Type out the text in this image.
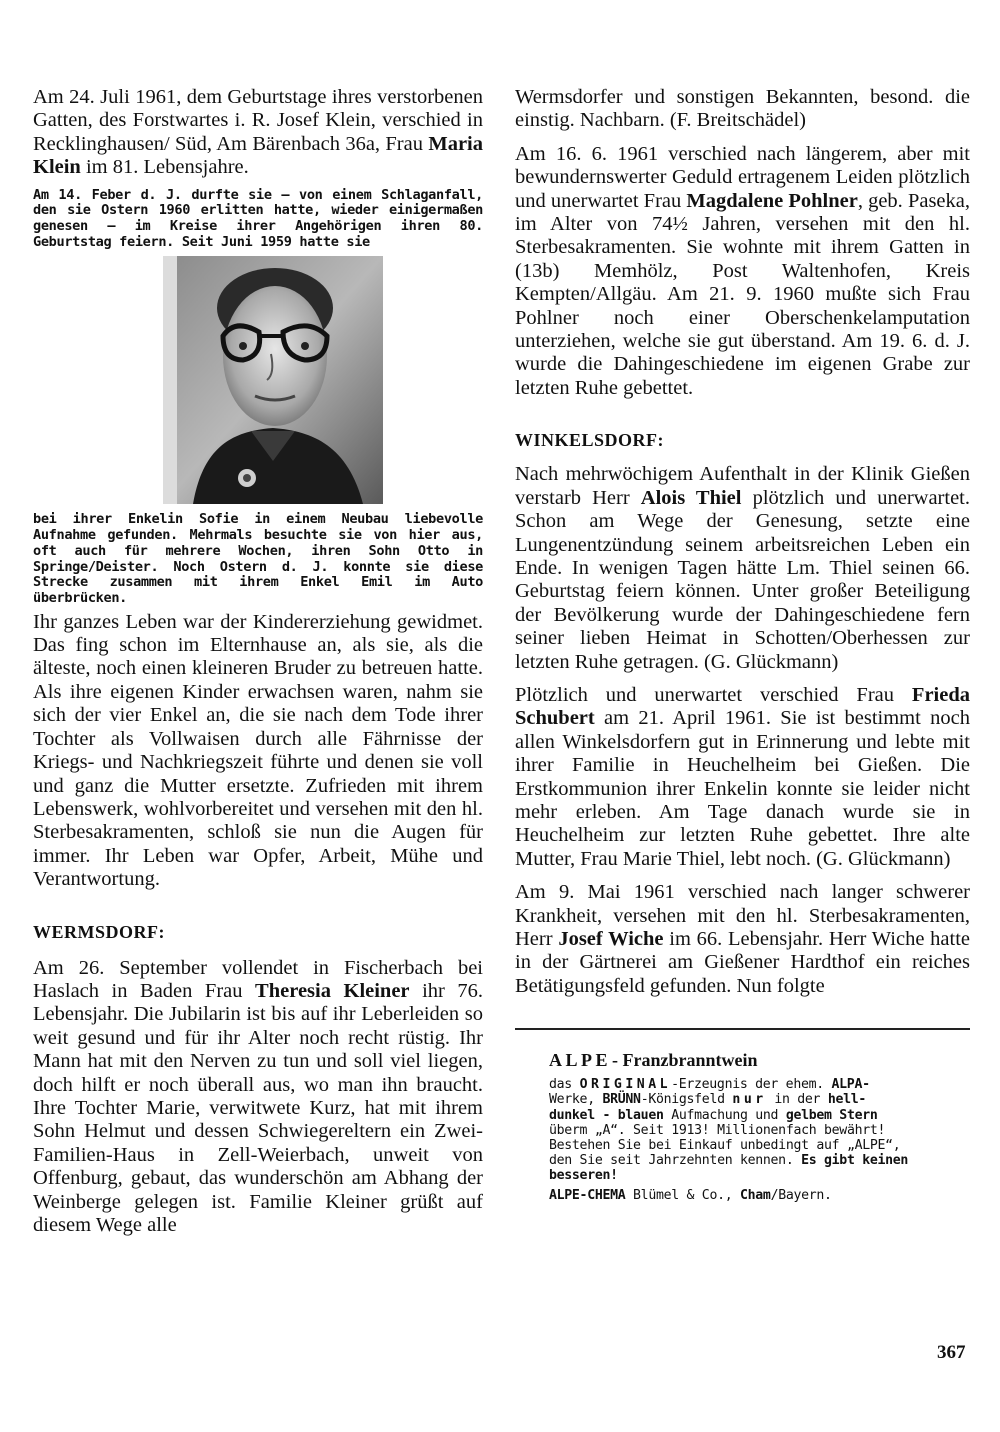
Am 24. Juli 1961, dem Geburtstage ihres verstorbenen Gatten, des Forstwartes i. R. Josef Klein, verschied in Recklinghausen/ Süd, Am Bärenbach 36a, Frau Maria Klein im 81. Lebensjahre.

Am 14. Feber d. J. durfte sie — von einem Schlaganfall, den sie Ostern 1960 erlitten hatte, wieder einigermaßen genesen — im Kreise ihrer Angehörigen ihren 80. Geburtstag feiern. Seit Juni 1959 hatte sie

bei ihrer Enkelin Sofie in einem Neubau liebevolle Aufnahme gefunden. Mehrmals besuchte sie von hier aus, oft auch für mehrere Wochen, ihren Sohn Otto in Springe/Deister. Noch Ostern d. J. konnte sie diese Strecke zusammen mit ihrem Enkel Emil im Auto überbrücken.

Ihr ganzes Leben war der Kindererziehung gewidmet. Das fing schon im Elternhause an, als sie, als die älteste, noch einen kleineren Bruder zu betreuen hatte. Als ihre eigenen Kinder erwachsen waren, nahm sie sich der vier Enkel an, die sie nach dem Tode ihrer Tochter als Vollwaisen durch alle Fährnisse der Kriegs- und Nachkriegszeit führte und denen sie voll und ganz die Mutter ersetzte. Zufrieden mit ihrem Lebenswerk, wohlvorbereitet und versehen mit den hl. Sterbesakramenten, schloß sie nun die Augen für immer. Ihr Leben war Opfer, Arbeit, Mühe und Verantwortung.

WERMSDORF:

Am 26. September vollendet in Fischerbach bei Haslach in Baden Frau Theresia Kleiner ihr 76. Lebensjahr. Die Jubilarin ist bis auf ihr Leberleiden so weit gesund und für ihr Alter noch recht rüstig. Ihr Mann hat mit den Nerven zu tun und soll viel liegen, doch hilft er noch überall aus, wo man ihn braucht. Ihre Tochter Marie, verwitwete Kurz, hat mit ihrem Sohn Helmut und dessen Schwiegereltern ein Zwei-Familien-Haus in Zell-Weierbach, unweit von Offenburg, gebaut, das wunderschön am Abhang der Weinberge gelegen ist. Familie Kleiner grüßt auf diesem Wege alle

Wermsdorfer und sonstigen Bekannten, besond. die einstig. Nachbarn. (F. Breitschädel)

Am 16. 6. 1961 verschied nach längerem, aber mit bewundernswerter Geduld ertragenem Leiden plötzlich und unerwartet Frau Magdalene Pohlner, geb. Paseka, im Alter von 74½ Jahren, versehen mit den hl. Sterbesakramenten. Sie wohnte mit ihrem Gatten in (13b) Memhölz, Post Waltenhofen, Kreis Kempten/Allgäu. Am 21. 9. 1960 mußte sich Frau Pohlner noch einer Oberschenkelamputation unterziehen, welche sie gut überstand. Am 19. 6. d. J. wurde die Dahingeschiedene im eigenen Grabe zur letzten Ruhe gebettet.

WINKELSDORF:

Nach mehrwöchigem Aufenthalt in der Klinik Gießen verstarb Herr Alois Thiel plötzlich und unerwartet. Schon am Wege der Genesung, setzte eine Lungenentzündung seinem arbeitsreichen Leben ein Ende. In wenigen Tagen hätte Lm. Thiel seinen 66. Geburtstag feiern können. Unter großer Beteiligung der Bevölkerung wurde der Dahingeschiedene fern seiner lieben Heimat in Schotten/Oberhessen zur letzten Ruhe getragen. (G. Glückmann)

Plötzlich und unerwartet verschied Frau Frieda Schubert am 21. April 1961. Sie ist bestimmt noch allen Winkelsdorfern gut in Erinnerung und lebte mit ihrer Familie in Heuchelheim bei Gießen. Die Erstkommunion ihrer Enkelin konnte sie leider nicht mehr erleben. Am Tage danach wurde sie in Heuchelheim zur letzten Ruhe gebettet. Ihre alte Mutter, Frau Marie Thiel, lebt noch. (G. Glückmann)

Am 9. Mai 1961 verschied nach langer schwerer Krankheit, versehen mit den hl. Sterbesakramenten, Herr Josef Wiche im 66. Lebensjahr. Herr Wiche hatte in der Gärtnerei am Gießener Hardthof ein reiches Betätigungsfeld gefunden. Nun folgte

A L P E - Franzbranntwein

das ORIGINAL-Erzeugnis der ehem. ALPA-

Werke, BRÜNN-Königsfeld nur in der hell-

dunkel - blauen Aufmachung und gelbem Stern

überm „A“. Seit 1913! Millionenfach bewährt!

Bestehen Sie bei Einkauf unbedingt auf „ALPE“,

den Sie seit Jahrzehnten kennen. Es gibt keinen

besseren!

ALPE-CHEMA Blümel & Co., Cham/Bayern.

367
